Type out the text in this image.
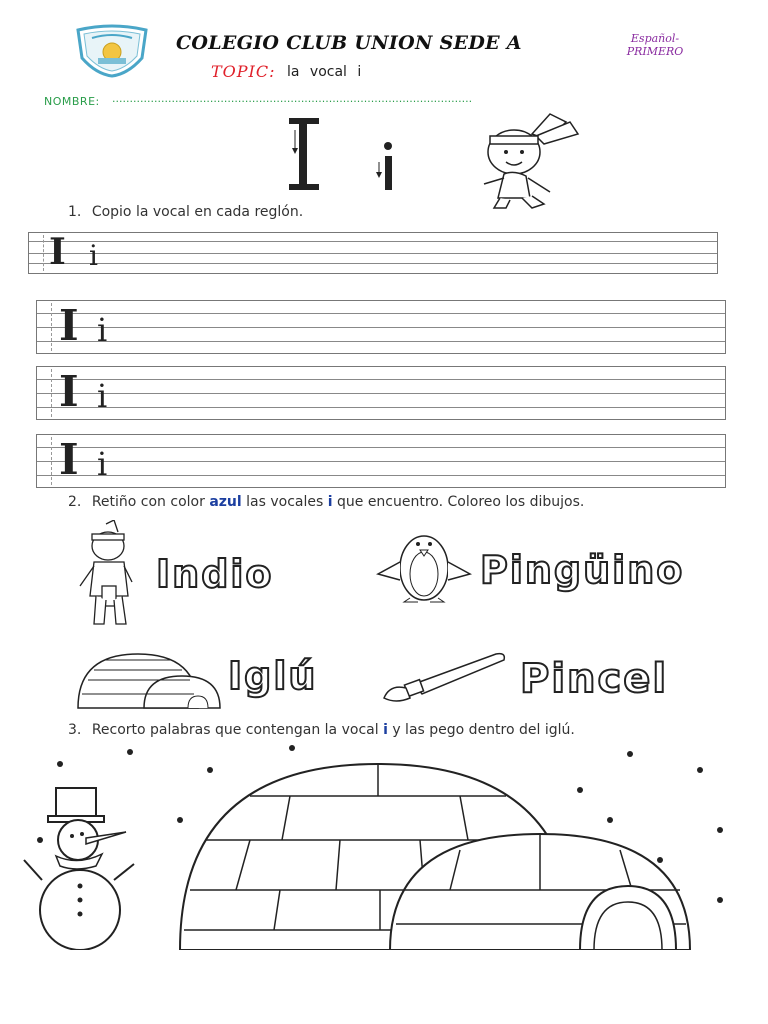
COLEGIO CLUB UNION SEDE A	Español-
PRIMERO
TOPIC: la vocal i
NOMBRE: .......................................................................................................
1. Copio la vocal en cada reglón.
I i
I i
I i
I i
2. Retiño con color azul las vocales i que encuentro. Coloreo los dibujos.
Indio	Pingüino
Iglú	Pincel
3. Recorto palabras que contengan la vocal i y las pego dentro del iglú.
